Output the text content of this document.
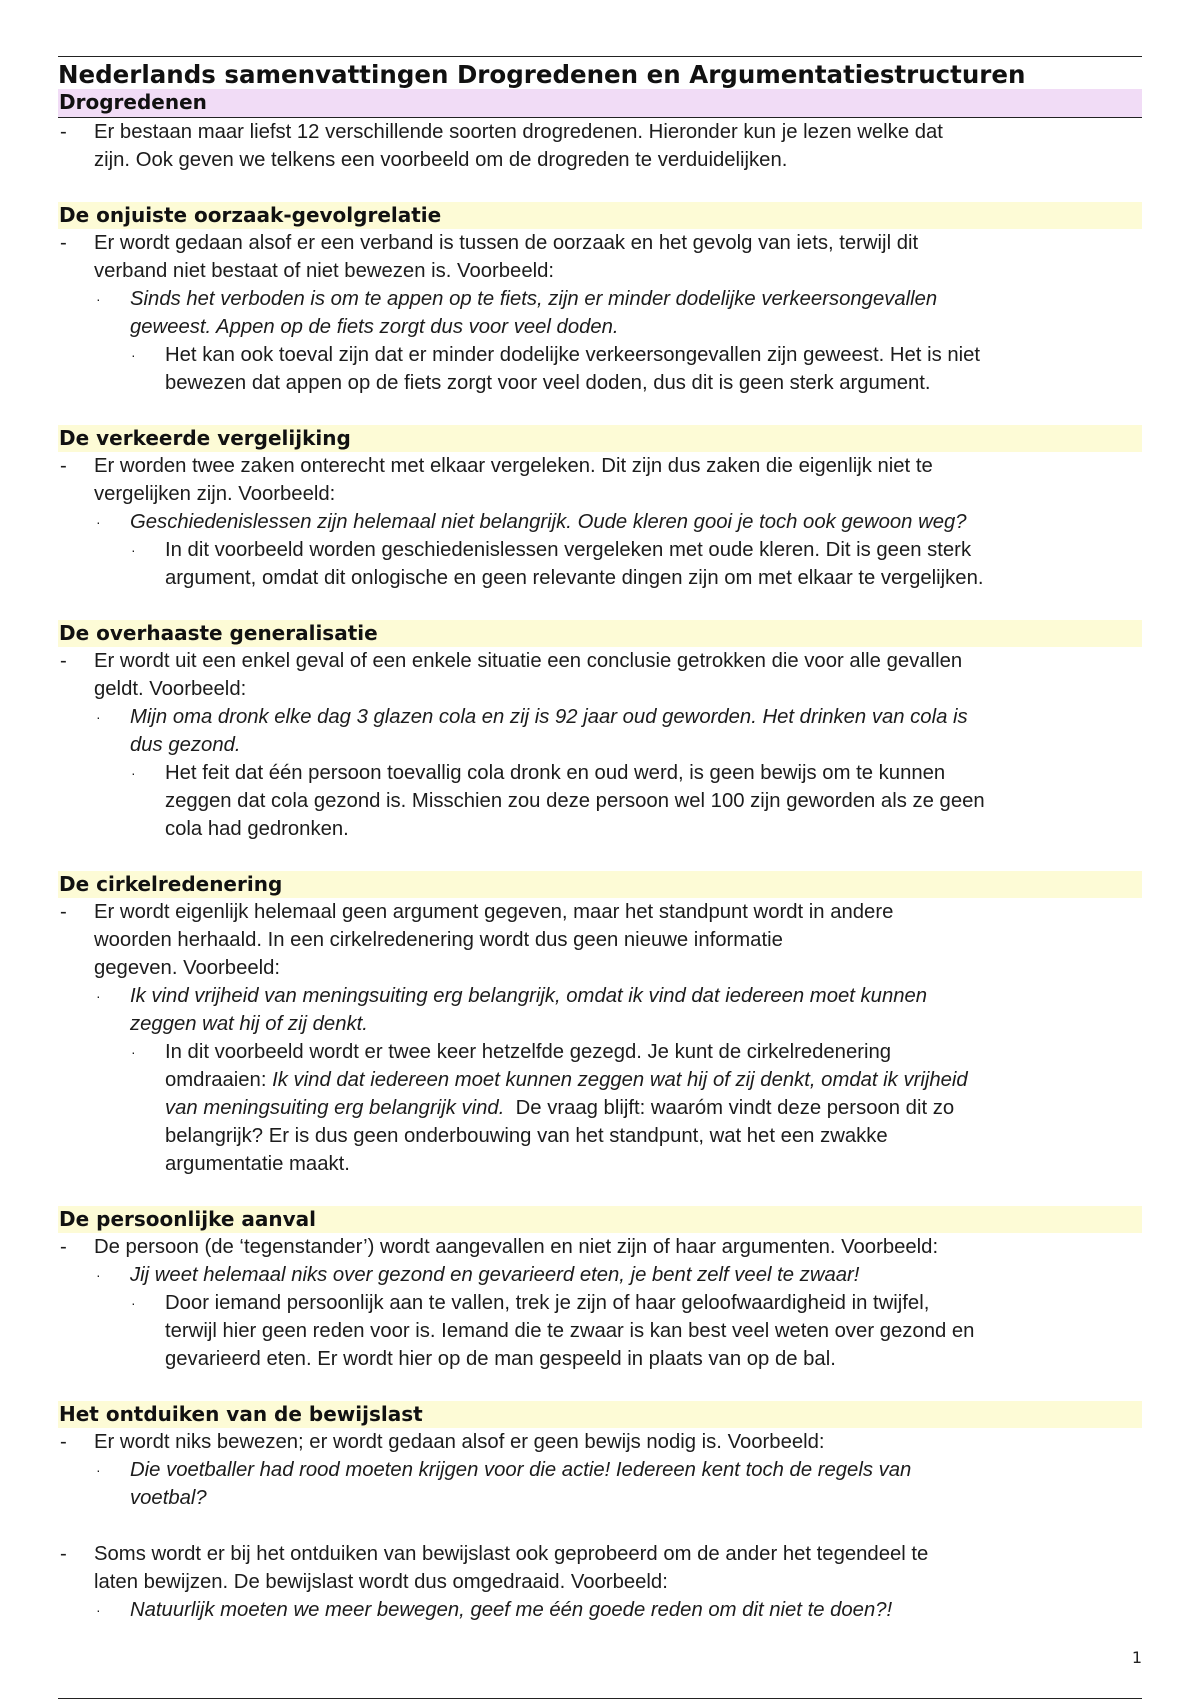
Nederlands samenvattingen Drogredenen en Argumentatiestructuren
Drogredenen
- Er bestaan maar liefst 12 verschillende soorten drogredenen. Hieronder kun je lezen welke dat
zijn. Ook geven we telkens een voorbeeld om de drogreden te verduidelijken.
De onjuiste oorzaak-gevolgrelatie
- Er wordt gedaan alsof er een verband is tussen de oorzaak en het gevolg van iets, terwijl dit
verband niet bestaat of niet bewezen is. Voorbeeld:
· Sinds het verboden is om te appen op te fiets, zijn er minder dodelijke verkeersongevallen
geweest. Appen op de fiets zorgt dus voor veel doden.
· Het kan ook toeval zijn dat er minder dodelijke verkeersongevallen zijn geweest. Het is niet
bewezen dat appen op de fiets zorgt voor veel doden, dus dit is geen sterk argument.
De verkeerde vergelijking
- Er worden twee zaken onterecht met elkaar vergeleken. Dit zijn dus zaken die eigenlijk niet te
vergelijken zijn. Voorbeeld:
· Geschiedenislessen zijn helemaal niet belangrijk. Oude kleren gooi je toch ook gewoon weg?
· In dit voorbeeld worden geschiedenislessen vergeleken met oude kleren. Dit is geen sterk
argument, omdat dit onlogische en geen relevante dingen zijn om met elkaar te vergelijken.
De overhaaste generalisatie
- Er wordt uit een enkel geval of een enkele situatie een conclusie getrokken die voor alle gevallen
geldt. Voorbeeld:
· Mijn oma dronk elke dag 3 glazen cola en zij is 92 jaar oud geworden. Het drinken van cola is
dus gezond.
· Het feit dat één persoon toevallig cola dronk en oud werd, is geen bewijs om te kunnen
zeggen dat cola gezond is. Misschien zou deze persoon wel 100 zijn geworden als ze geen
cola had gedronken.
De cirkelredenering
- Er wordt eigenlijk helemaal geen argument gegeven, maar het standpunt wordt in andere
woorden herhaald. In een cirkelredenering wordt dus geen nieuwe informatie
gegeven. Voorbeeld:
· Ik vind vrijheid van meningsuiting erg belangrijk, omdat ik vind dat iedereen moet kunnen
zeggen wat hij of zij denkt.
· In dit voorbeeld wordt er twee keer hetzelfde gezegd. Je kunt de cirkelredenering
omdraaien: Ik vind dat iedereen moet kunnen zeggen wat hij of zij denkt, omdat ik vrijheid
van meningsuiting erg belangrijk vind.  De vraag blijft: waaróm vindt deze persoon dit zo
belangrijk? Er is dus geen onderbouwing van het standpunt, wat het een zwakke
argumentatie maakt.
De persoonlijke aanval
- De persoon (de ‘tegenstander’) wordt aangevallen en niet zijn of haar argumenten. Voorbeeld:
· Jij weet helemaal niks over gezond en gevarieerd eten, je bent zelf veel te zwaar!
· Door iemand persoonlijk aan te vallen, trek je zijn of haar geloofwaardigheid in twijfel,
terwijl hier geen reden voor is. Iemand die te zwaar is kan best veel weten over gezond en
gevarieerd eten. Er wordt hier op de man gespeeld in plaats van op de bal.
Het ontduiken van de bewijslast
- Er wordt niks bewezen; er wordt gedaan alsof er geen bewijs nodig is. Voorbeeld:
· Die voetballer had rood moeten krijgen voor die actie! Iedereen kent toch de regels van
voetbal?
- Soms wordt er bij het ontduiken van bewijslast ook geprobeerd om de ander het tegendeel te
laten bewijzen. De bewijslast wordt dus omgedraaid. Voorbeeld:
· Natuurlijk moeten we meer bewegen, geef me één goede reden om dit niet te doen?!
1
